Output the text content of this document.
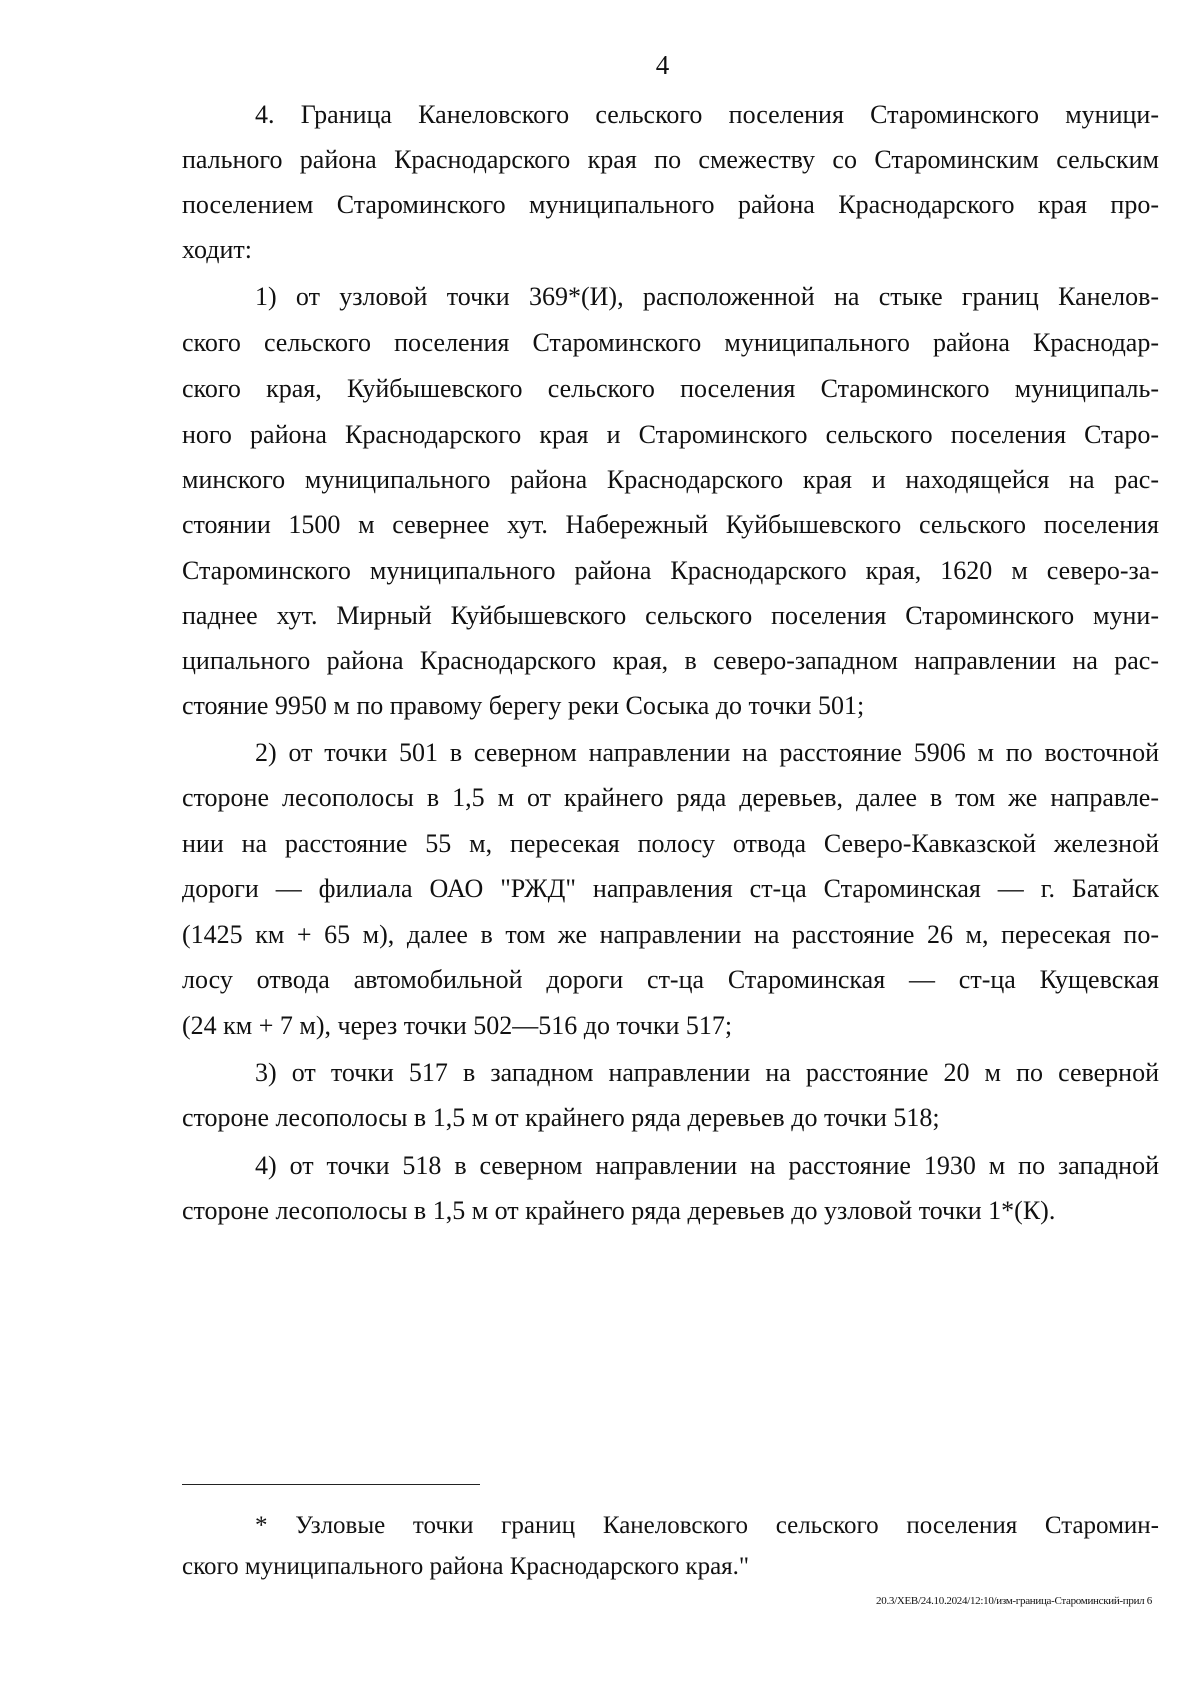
4
4. Граница Канеловского сельского поселения Староминского муници-
пального района Краснодарского края по смежеству со Староминским сельским
поселением Староминского муниципального района Краснодарского края про-
ходит:
1) от узловой точки 369*(И), расположенной на стыке границ Канелов-
ского сельского поселения Староминского муниципального района Краснодар-
ского края, Куйбышевского сельского поселения Староминского муниципаль-
ного района Краснодарского края и Староминского сельского поселения Старо-
минского муниципального района Краснодарского края и находящейся на рас-
стоянии 1500 м севернее хут. Набережный Куйбышевского сельского поселения
Староминского муниципального района Краснодарского края, 1620 м северо-за-
паднее хут. Мирный Куйбышевского сельского поселения Староминского муни-
ципального района Краснодарского края, в северо-западном направлении на рас-
стояние 9950 м по правому берегу реки Сосыка до точки 501;
2) от точки 501 в северном направлении на расстояние 5906 м по восточной
стороне лесополосы в 1,5 м от крайнего ряда деревьев, далее в том же направле-
нии на расстояние 55 м, пересекая полосу отвода Северо-Кавказской железной
дороги — филиала ОАО "РЖД" направления ст-ца Староминская — г. Батайск
(1425 км + 65 м), далее в том же направлении на расстояние 26 м, пересекая по-
лосу отвода автомобильной дороги ст-ца Староминская — ст-ца Кущевская
(24 км + 7 м), через точки 502—516 до точки 517;
3) от точки 517 в западном направлении на расстояние 20 м по северной
стороне лесополосы в 1,5 м от крайнего ряда деревьев до точки 518;
4) от точки 518 в северном направлении на расстояние 1930 м по западной
стороне лесополосы в 1,5 м от крайнего ряда деревьев до узловой точки 1*(К).
* Узловые точки границ Канеловского сельского поселения Старомин-
ского муниципального района Краснодарского края."
20.3/ХЕВ/24.10.2024/12:10/изм-граница-Староминский-прил 6
